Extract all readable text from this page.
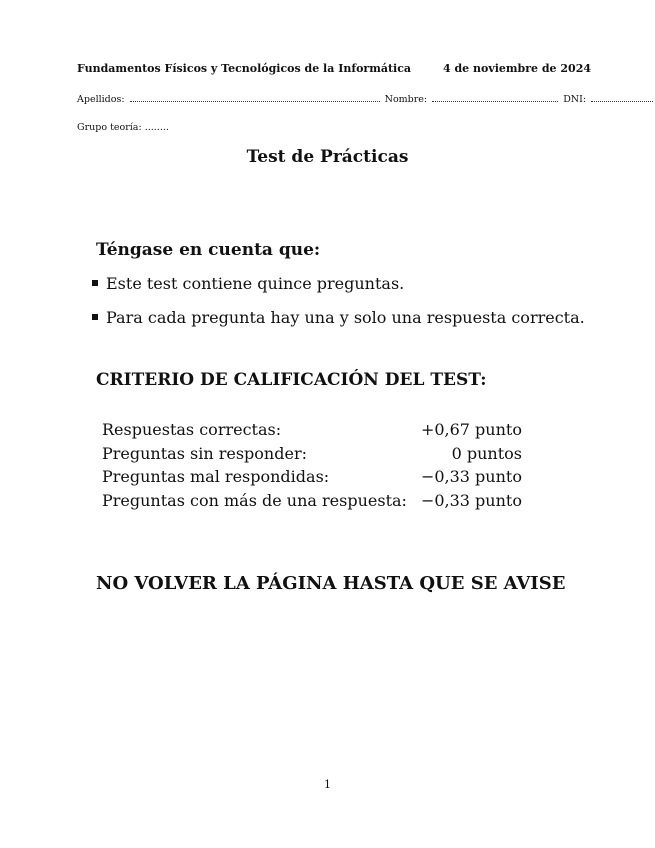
Fundamentos Físicos y Tecnológicos de la Informática	4 de noviembre de 2024
Apellidos:	Nombre:	DNI:
Grupo teoría: ........
Test de Prácticas
Téngase en cuenta que:
Este test contiene quince preguntas.
Para cada pregunta hay una y solo una respuesta correcta.
CRITERIO DE CALIFICACIÓN DEL TEST:
Respuestas correctas:	+0,67 punto
Preguntas sin responder:	0 puntos
Preguntas mal respondidas:	−0,33 punto
Preguntas con más de una respuesta:	−0,33 punto
NO VOLVER LA PÁGINA HASTA QUE SE AVISE
1
